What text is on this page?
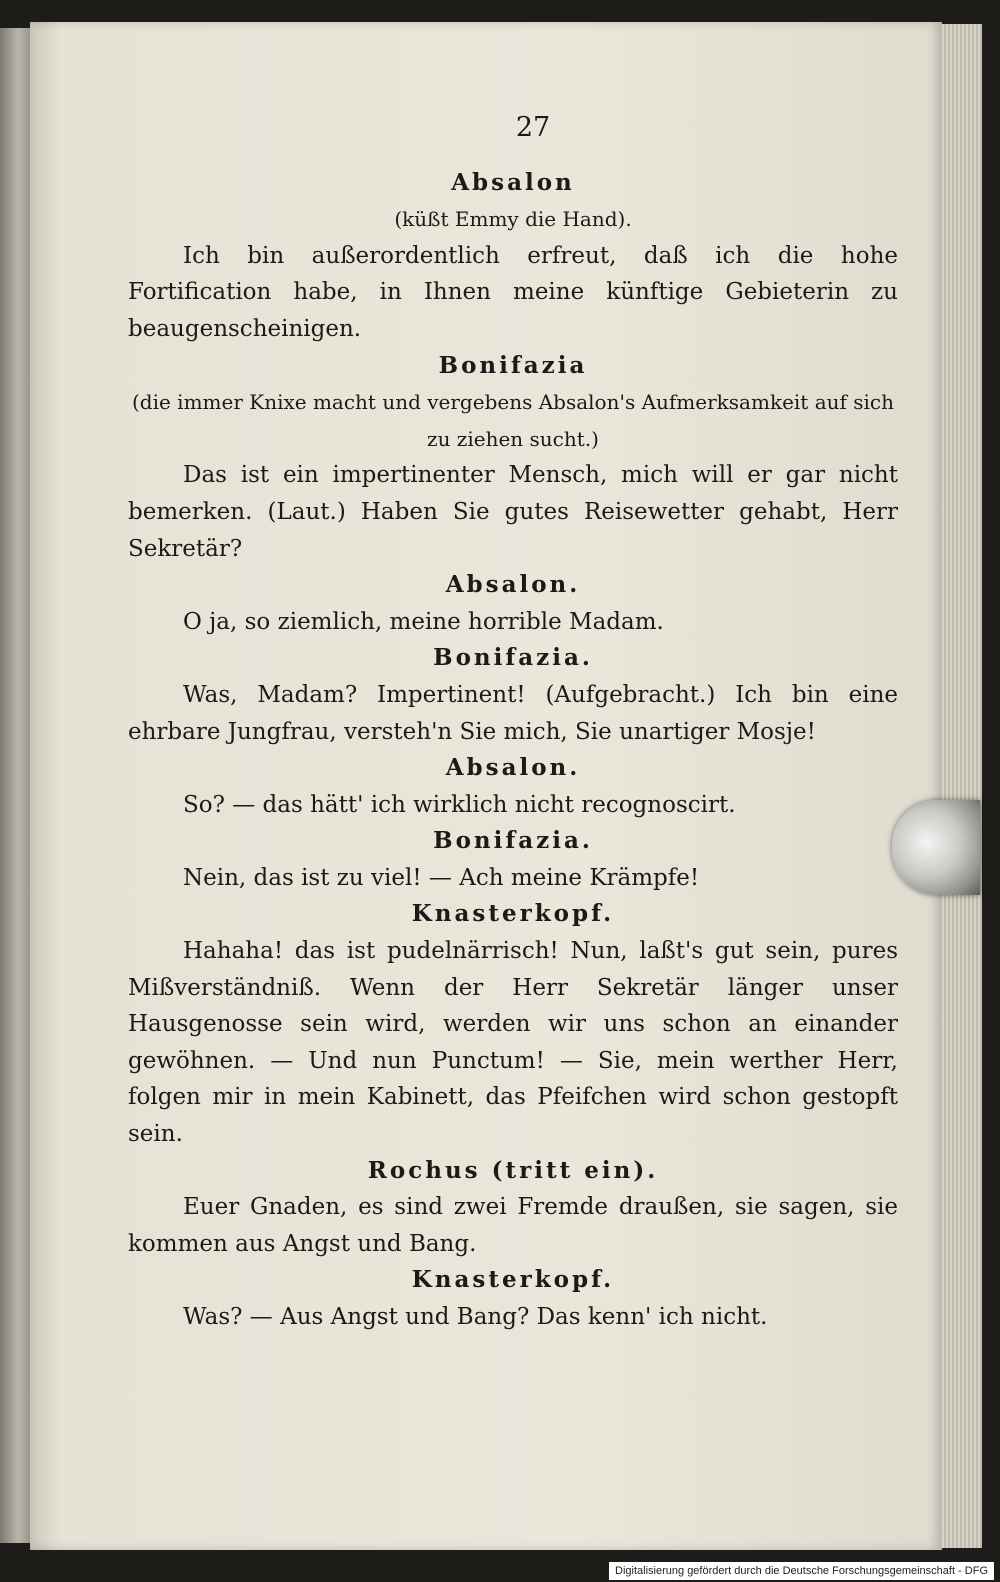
27
Absalon
(küßt Emmy die Hand).
Ich bin außerordentlich erfreut, daß ich die hohe Fortification habe, in Ihnen meine künftige Gebieterin zu beaugenscheinigen.
Bonifazia
(die immer Knixe macht und vergebens Absalon's Aufmerksamkeit auf sich zu ziehen sucht.)
Das ist ein impertinenter Mensch, mich will er gar nicht bemerken. (Laut.) Haben Sie gutes Reisewetter gehabt, Herr Sekretär?
Absalon.
O ja, so ziemlich, meine horrible Madam.
Bonifazia.
Was, Madam? Impertinent! (Aufgebracht.) Ich bin eine ehrbare Jungfrau, versteh'n Sie mich, Sie unartiger Mosje!
Absalon.
So? — das hätt' ich wirklich nicht recognoscirt.
Bonifazia.
Nein, das ist zu viel! — Ach meine Krämpfe!
Knasterkopf.
Hahaha! das ist pudelnärrisch! Nun, laßt's gut sein, pures Mißverständniß. Wenn der Herr Sekretär länger unser Hausgenosse sein wird, werden wir uns schon an einander gewöhnen. — Und nun Punctum! — Sie, mein werther Herr, folgen mir in mein Kabinett, das Pfeifchen wird schon gestopft sein.
Rochus (tritt ein).
Euer Gnaden, es sind zwei Fremde draußen, sie sagen, sie kommen aus Angst und Bang.
Knasterkopf.
Was? — Aus Angst und Bang? Das kenn' ich nicht.
Digitalisierung gefördert durch die Deutsche Forschungsgemeinschaft - DFG
